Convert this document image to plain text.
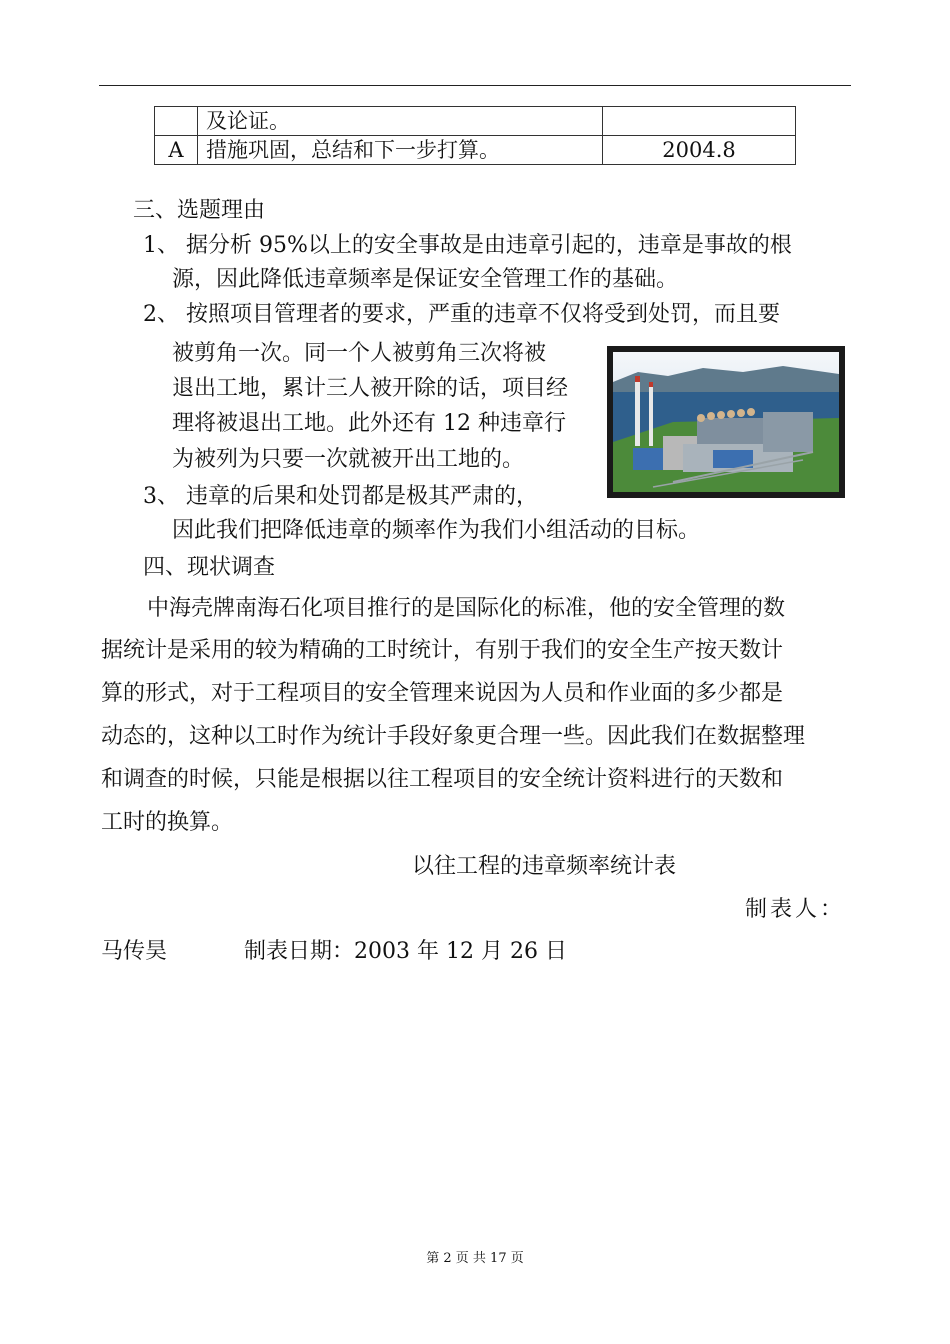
	及论证。	
A	措施巩固，总结和下一步打算。	2004.8
三、选题理由
1、 据分析 95%以上的安全事故是由违章引起的，违章是事故的根
源，因此降低违章频率是保证安全管理工作的基础。
2、 按照项目管理者的要求，严重的违章不仅将受到处罚，而且要
被剪角一次。同一个人被剪角三次将被
退出工地，累计三人被开除的话，项目经
理将被退出工地。此外还有 12 种违章行
为被列为只要一次就被开出工地的。
3、 违章的后果和处罚都是极其严肃的，
因此我们把降低违章的频率作为我们小组活动的目标。
四、现状调查
中海壳牌南海石化项目推行的是国际化的标准，他的安全管理的数
据统计是采用的较为精确的工时统计，有别于我们的安全生产按天数计
算的形式，对于工程项目的安全管理来说因为人员和作业面的多少都是
动态的，这种以工时作为统计手段好象更合理一些。因此我们在数据整理
和调查的时候，只能是根据以往工程项目的安全统计资料进行的天数和
工时的换算。
以往工程的违章频率统计表
制表人：
马传昊	制表日期：2003 年 12 月 26 日
第 2 页 共 17 页
